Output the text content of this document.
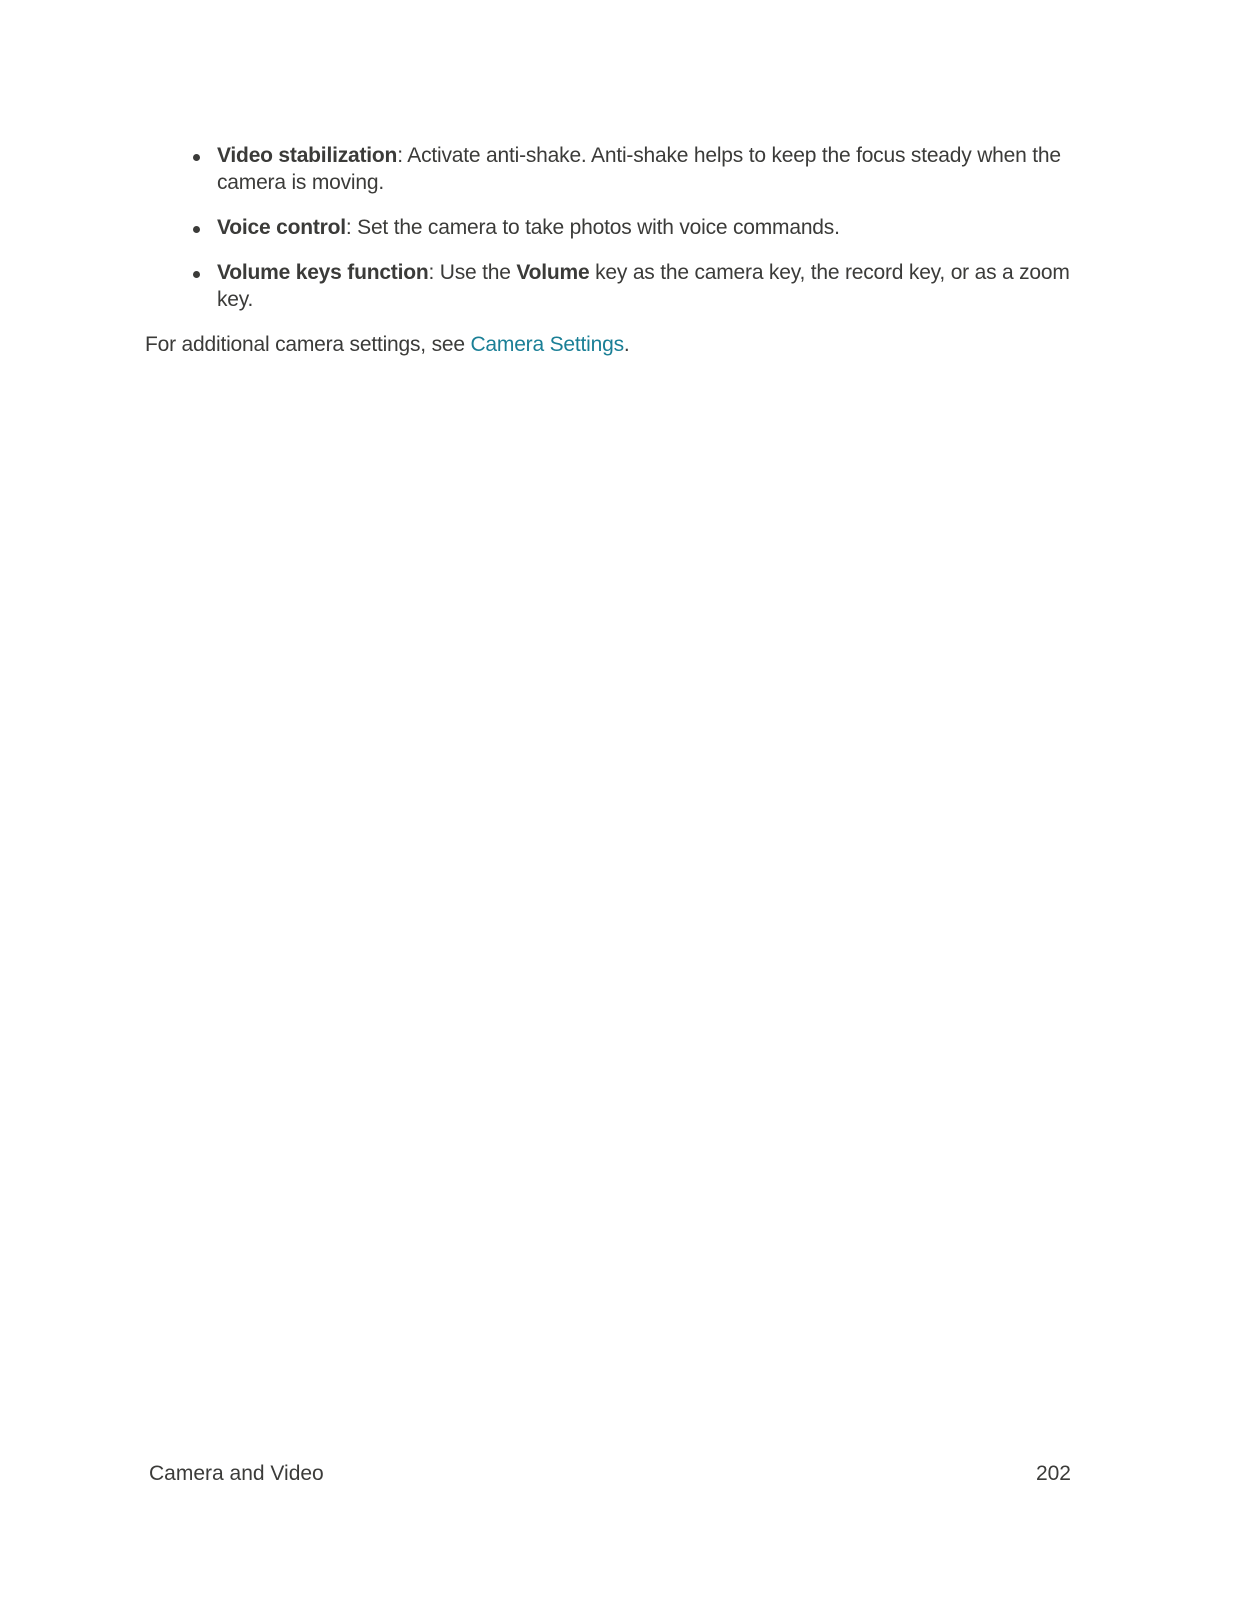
Video stabilization: Activate anti-shake. Anti-shake helps to keep the focus steady when the camera is moving.
Voice control: Set the camera to take photos with voice commands.
Volume keys function: Use the Volume key as the camera key, the record key, or as a zoom key.

For additional camera settings, see Camera Settings.

Camera and Video	202
